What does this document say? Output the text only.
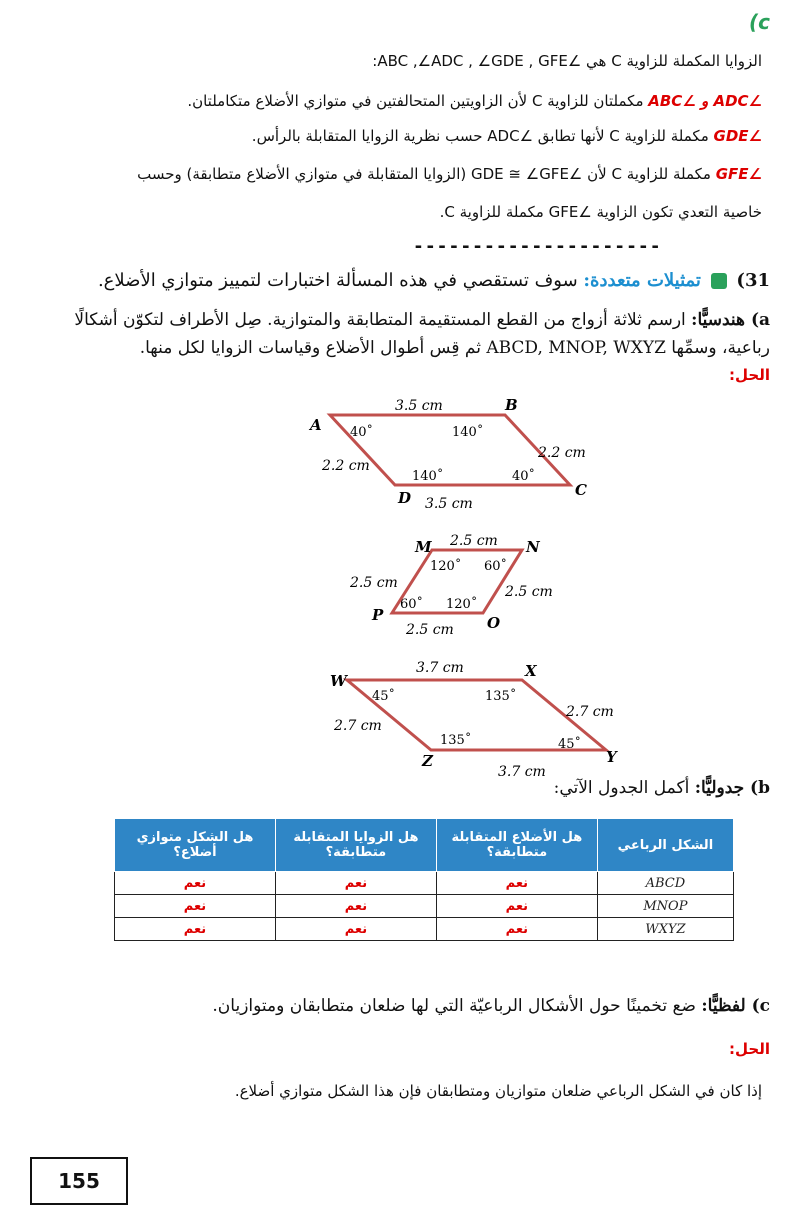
(c
الزوايا المكملة للزاوية C هي ∠ABC ,∠ADC , ∠GDE , GFE:
∠ADC و ∠ABC مكملتان للزاوية C لأن الزاويتين المتحالفتين في متوازي الأضلاع متكاملتان.
∠GDE مكملة للزاوية C لأنها تطابق ∠ADC حسب نظرية الزوايا المتقابلة بالرأس.
∠GFE مكملة للزاوية C لأن ∠GDE ≅ ∠GFE (الزوايا المتقابلة في متوازي الأضلاع متطابقة) وحسب
خاصية التعدي تكون الزاوية ∠GFE مكملة للزاوية C.
---------------------
31)  تمثيلات متعددة: سوف تستقصي في هذه المسألة اختبارات لتمييز متوازي الأضلاع.
a) هندسيًّا: ارسم ثلاثة أزواج من القطع المستقيمة المتطابقة والمتوازية. صِل الأطراف لتكوّن أشكالًا رباعية، وسمِّها ABCD, MNOP, WXYZ ثم قِس أطوال الأضلاع وقياسات الزوايا لكل منها.
الحل:
A
B
C
D
3.5 cm
3.5 cm
2.2 cm
2.2 cm
40˚	140˚
40˚
140˚
M	N
O
P
2.5 cm
2.5 cm
2.5 cm
2.5 cm
120˚ 60˚
120˚
60˚
W
X
Y
Z
3.7 cm
3.7 cm
2.7 cm
2.7 cm
45˚	135˚
45˚
135˚
b) جدوليًّا: أكمل الجدول الآتي:
الشكل الرباعي	هل الأضلاع المتقابلة متطابقة؟	هل الزوايا المتقابلة متطابقة؟	هل الشكل متوازي أضلاع؟
ABCD	نعم	نعم	نعم
MNOP	نعم	نعم	نعم
WXYZ	نعم	نعم	نعم
c) لفظيًّا: ضع تخمينًا حول الأشكال الرباعيّة التي لها ضلعان متطابقان ومتوازيان.
الحل:
إذا كان في الشكل الرباعي ضلعان متوازيان ومتطابقان فإن هذا الشكل متوازي أضلاع.
155
